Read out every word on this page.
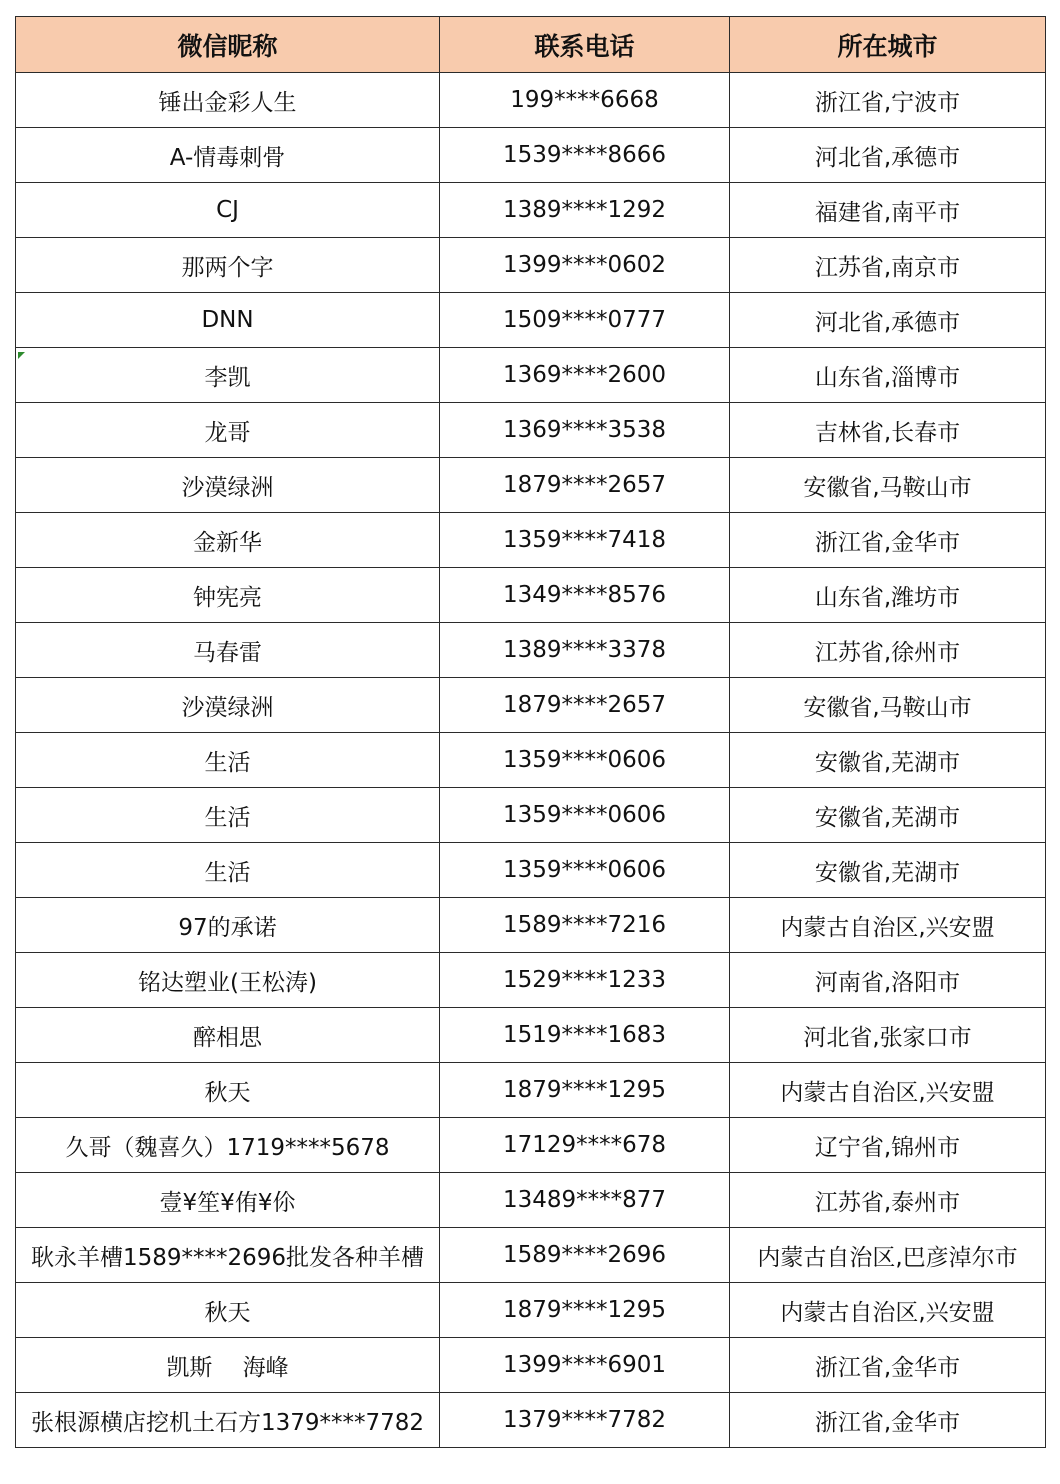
微信昵称	联系电话	所在城市
锤出金彩人生	199****6668	浙江省,宁波市
A-情毒刺骨	1539****8666	河北省,承德市
CJ	1389****1292	福建省,南平市
那两个字	1399****0602	江苏省,南京市
DNN	1509****0777	河北省,承德市
李凯	1369****2600	山东省,淄博市
龙哥	1369****3538	吉林省,长春市
沙漠绿洲	1879****2657	安徽省,马鞍山市
金新华	1359****7418	浙江省,金华市
钟宪亮	1349****8576	山东省,潍坊市
马春雷	1389****3378	江苏省,徐州市
沙漠绿洲	1879****2657	安徽省,马鞍山市
生活	1359****0606	安徽省,芜湖市
生活	1359****0606	安徽省,芜湖市
生活	1359****0606	安徽省,芜湖市
97的承诺	1589****7216	内蒙古自治区,兴安盟
铭达塑业(王松涛)	1529****1233	河南省,洛阳市
醉相思	1519****1683	河北省,张家口市
秋天	1879****1295	内蒙古自治区,兴安盟
久哥（魏喜久）1719****5678	17129****678	辽宁省,锦州市
壹¥笙¥侑¥伱	13489****877	江苏省,泰州市
耿永羊槽1589****2696批发各种羊槽	1589****2696	内蒙古自治区,巴彦淖尔市
秋天	1879****1295	内蒙古自治区,兴安盟
凯斯　 海峰	1399****6901	浙江省,金华市
张根源横店挖机土石方1379****7782	1379****7782	浙江省,金华市
